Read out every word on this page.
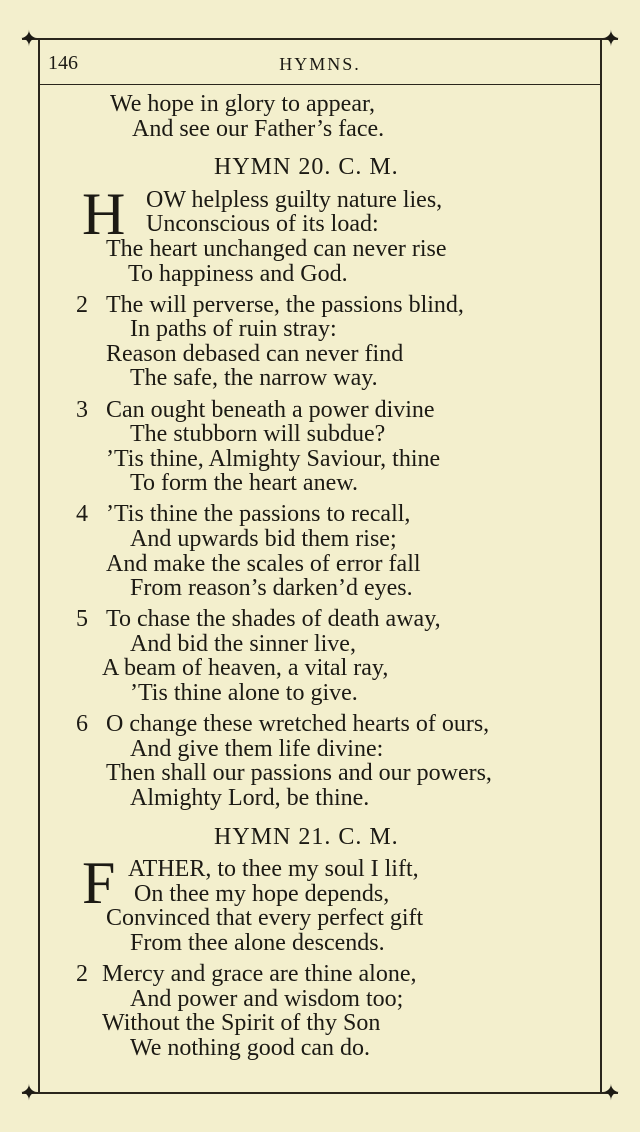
✦	✦
✦	✦
146	HYMNS.
We hope in glory to appear,
And see our Father’s face.
HYMN 20. C. M.
H OW helpless guilty nature lies,
Unconscious of its load:
The heart unchanged can never rise
To happiness and God.
2 The will perverse, the passions blind,
In paths of ruin stray:
Reason debased can never find
The safe, the narrow way.
3 Can ought beneath a power divine
The stubborn will subdue?
’Tis thine, Almighty Saviour, thine
To form the heart anew.
4 ’Tis thine the passions to recall,
And upwards bid them rise;
And make the scales of error fall
From reason’s darken’d eyes.
5 To chase the shades of death away,
And bid the sinner live,
A beam of heaven, a vital ray,
’Tis thine alone to give.
6 O change these wretched hearts of ours,
And give them life divine:
Then shall our passions and our powers,
Almighty Lord, be thine.
HYMN 21. C. M.
F ATHER, to thee my soul I lift,
On thee my hope depends,
Convinced that every perfect gift
From thee alone descends.
2 Mercy and grace are thine alone,
And power and wisdom too;
Without the Spirit of thy Son
We nothing good can do.
